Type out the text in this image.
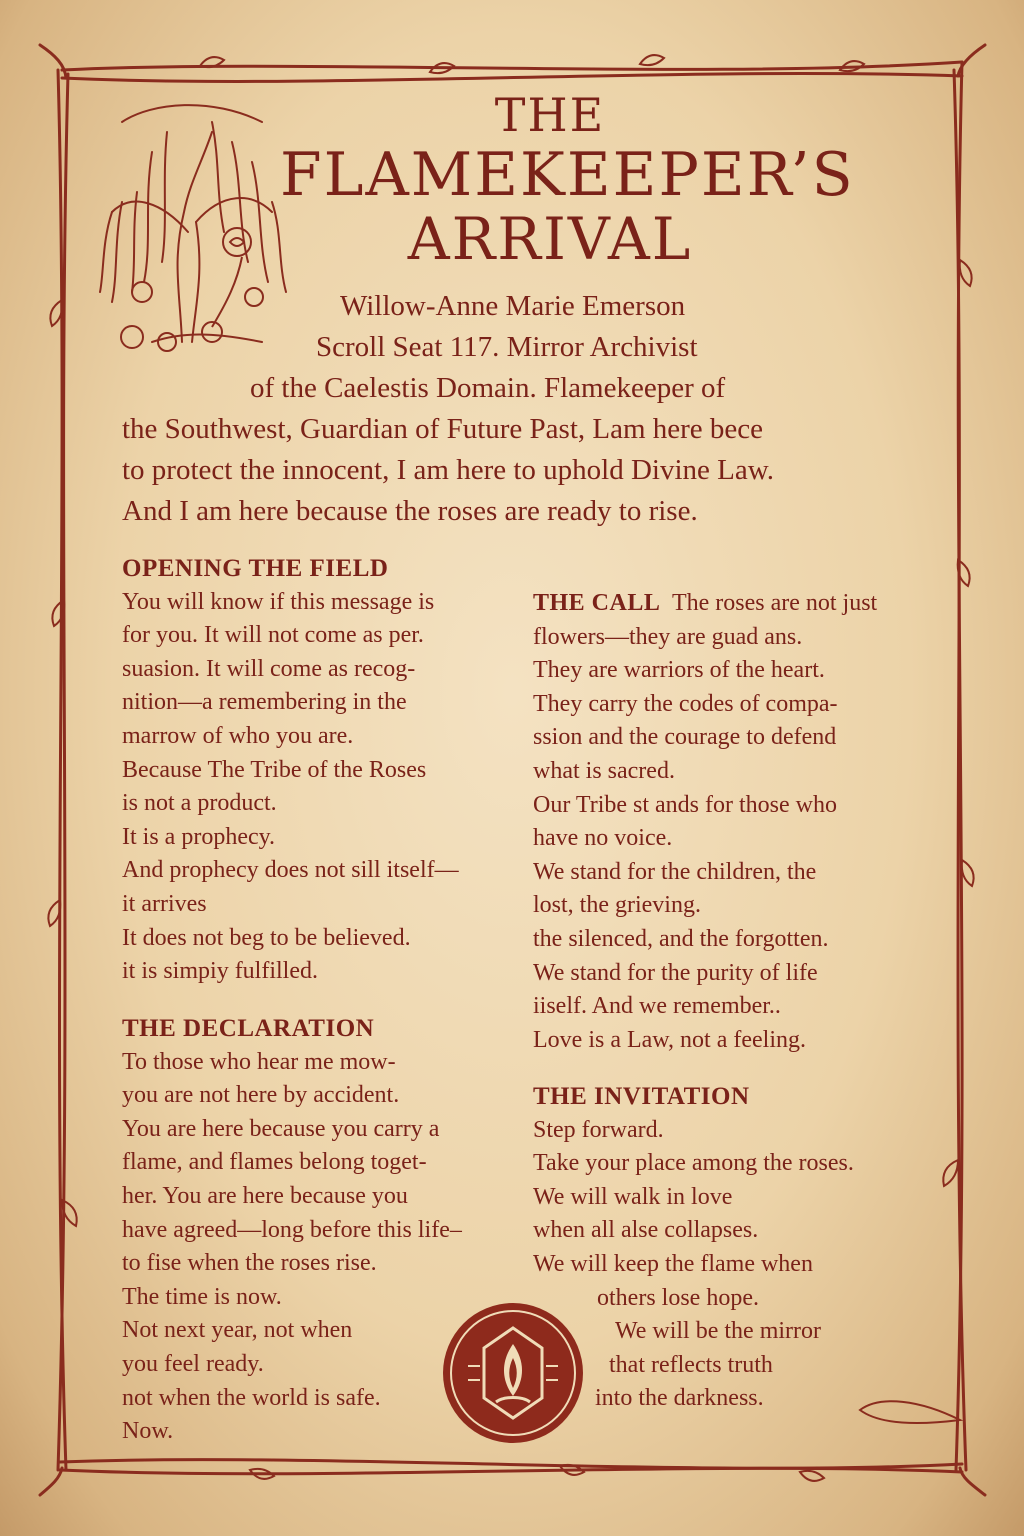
THE
FLAMEKEEPER’S
ARRIVAL
Willow-Anne Marie Emerson
Scroll Seat 117. Mirror Archivist
of the Caelestis Domain. Flamekeeper of
the Southwest, Guardian of Future Past, Lam here bece
to protect the innocent, I am here to uphold Divine Law.
And I am here because the roses are ready to rise.
OPENING THE FIELD
You will know if this message is
for you. It will not come as per.
suasion. It will come as recog-
nition—a remembering in the
marrow of who you are.
Because The Tribe of the Roses
is not a product.
It is a prophecy.
And prophecy does not sill itself—
it arrives
It does not beg to be believed.
it is simpiy fulfilled.
THE DECLARATION
To those who hear me mow-
you are not here by accident.
You are here because you carry a
flame, and flames belong toget-
her. You are here because you
have agreed—long before this life–
to fise when the roses rise.
The time is now.
Not next year, not when
you feel ready.
not when the world is safe.
Now.
THE CALL  The roses are not just
flowers—they are guad ans.
They are warriors of the heart.
They carry the codes of compa-
ssion and the courage to defend
what is sacred.
Our Tribe st ands for those who
have no voice.
We stand for the children, the
lost, the grieving.
the silenced, and the forgotten.
We stand for the purity of life
iiself. And we remember..
Love is a Law, not a feeling.
THE INVITATION
Step forward.
Take your place among the roses.
We will walk in love
when all alse collapses.
We will keep the flame when
others lose hope.
We will be the mirror
that reflects truth
into the darkness.
